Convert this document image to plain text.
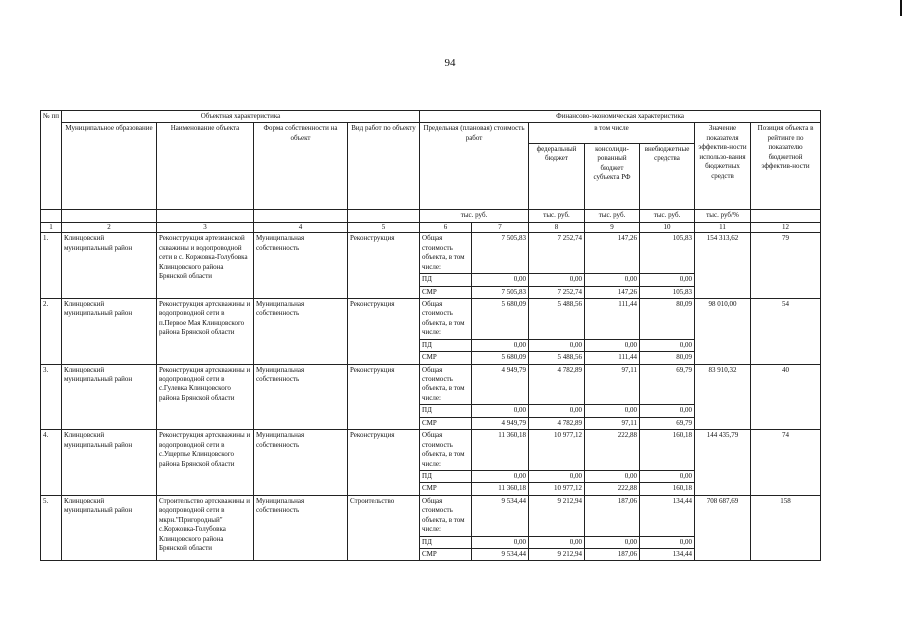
94
№ пп	Объектная характеристика				Финансово-экономическая характеристика						
	Муниципальное образование	Наименование объекта	Форма собственности на объект	Вид работ по объекту	Предельная (плановая) стоимость работ		в том числе			Значение показателя эффектив-ности использо-вания бюджетных средств	Позиция объекта в рейтинге по показателю бюджетной эффектив-ности
							федеральный бюджет	консолиди-рованный бюджет субъекта РФ	внебюджетные средства		
					тыс. руб.		тыс. руб.	тыс. руб.	тыс. руб.	тыс. руб/%	
1	2	3	4	5	6	7	8	9	10	11	12
1.	Клинцовский муниципальный район	Реконструкция артезианской скважины и водопроводной сети в с. Коржовка-Голубовка Клинцовского района Брянской области	Муниципальная собственность	Реконструкция	Общая стоимость объекта, в том числе:	7 505,83	7 252,74	147,26	105,83	154 313,62	79
					ПД	0,00	0,00	0,00	0,00		
					СМР	7 505,83	7 252,74	147,26	105,83		
2.	Клинцовский муниципальный район	Реконструкция артскважины и водопроводной сети в п.Первое Мая Клинцовского района Брянской области	Муниципальная собственность	Реконструкция	Общая стоимость объекта, в том числе:	5 680,09	5 488,56	111,44	80,09	98 010,00	54
					ПД	0,00	0,00	0,00	0,00		
					СМР	5 680,09	5 488,56	111,44	80,09		
3.	Клинцовский муниципальный район	Реконструкция артскважины и водопроводной сети в с.Гулевка Клинцовского района Брянской области	Муниципальная собственность	Реконструкция	Общая стоимость объекта, в том числе:	4 949,79	4 782,89	97,11	69,79	83 910,32	40
					ПД	0,00	0,00	0,00	0,00		
					СМР	4 949,79	4 782,89	97,11	69,79		
4.	Клинцовский муниципальный район	Реконструкция артскважины и водопроводной сети в с.Ущерпье Клинцовского района Брянской области	Муниципальная собственность	Реконструкция	Общая стоимость объекта, в том числе:	11 360,18	10 977,12	222,88	160,18	144 435,79	74
					ПД	0,00	0,00	0,00	0,00		
					СМР	11 360,18	10 977,12	222,88	160,18		
5.	Клинцовский муниципальный район	Строительство артскважины и водопроводной сети в мкрн."Пригородный" с.Коржовка-Голубовка Клинцовского района Брянской области	Муниципальная собственность	Строительство	Общая стоимость объекта, в том числе:	9 534,44	9 212,94	187,06	134,44	708 687,69	158
					ПД	0,00	0,00	0,00	0,00		
					СМР	9 534,44	9 212,94	187,06	134,44		
